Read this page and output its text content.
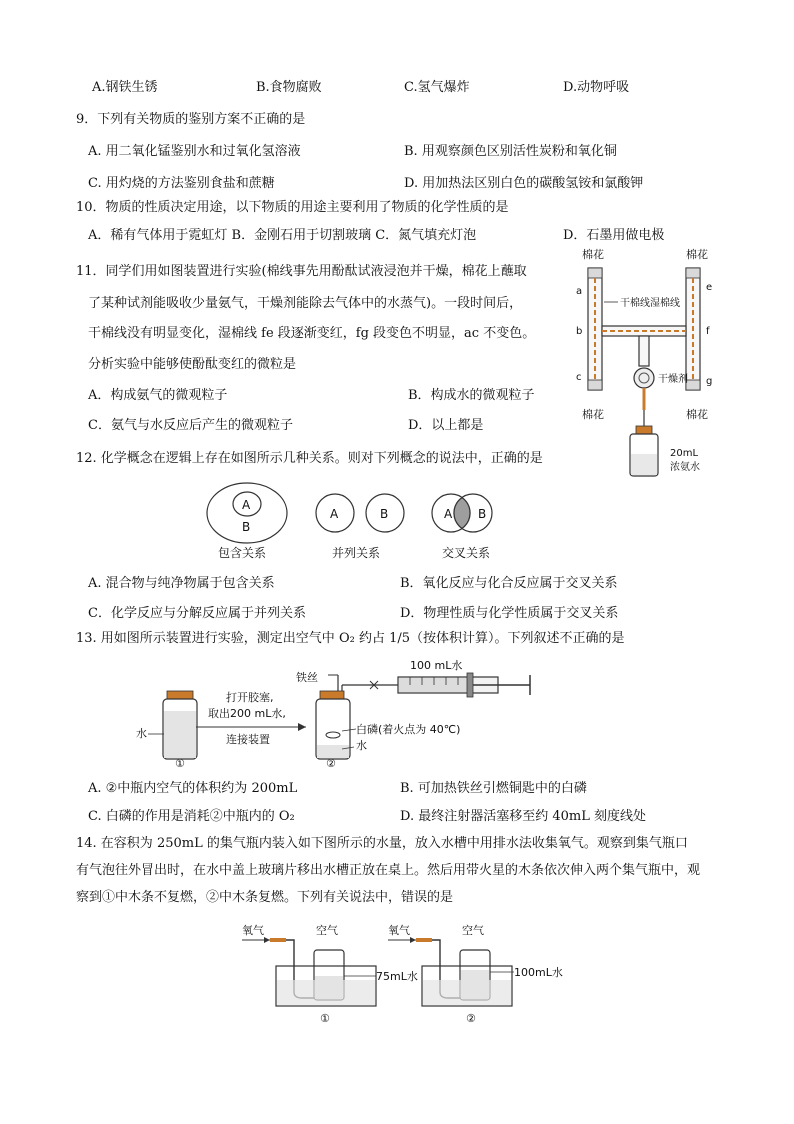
A.钢铁生锈	B.食物腐败	C.氢气爆炸	D.动物呼吸
9．下列有关物质的鉴别方案不正确的是
A. 用二氧化锰鉴别水和过氧化氢溶液	B. 用观察颜色区别活性炭粉和氧化铜
C. 用灼烧的方法鉴别食盐和蔗糖	D. 用加热法区别白色的碳酸氢铵和氯酸钾
10．物质的性质决定用途，以下物质的用途主要利用了物质的化学性质的是
A．稀有气体用于霓虹灯 B．金刚石用于切割玻璃 C．氮气填充灯泡	D．石墨用做电极
11．同学们用如图装置进行实验(棉线事先用酚酞试液浸泡并干燥，棉花上蘸取
了某种试剂能吸收少量氨气，干燥剂能除去气体中的水蒸气)。一段时间后，
干棉线没有明显变化，湿棉线 fe 段逐渐变红，fg 段变色不明显，ac 不变色。
分析实验中能够使酚酞变红的微粒是
A．构成氨气的微观粒子	B．构成水的微观粒子
C．氨气与水反应后产生的微观粒子	D．以上都是
棉花	棉花
a
b
c
e
f
g
干棉线 湿棉线
干燥剂
棉花	棉花
20mL
浓氨水
12. 化学概念在逻辑上存在如图所示几种关系。则对下列概念的说法中，正确的是
A
B
A	B	A B
包含关系	并列关系	交叉关系
A. 混合物与纯净物属于包含关系	B．氧化反应与化合反应属于交叉关系
C．化学反应与分解反应属于并列关系	D．物理性质与化学性质属于交叉关系
13. 用如图所示装置进行实验，测定出空气中 O₂ 约占 1/5（按体积计算）。下列叙述不正确的是
水
①
打开胶塞,
取出200 mL水,
连接装置
铁丝
白磷(着火点为 40℃)
水
②
100 mL水
A. ②中瓶内空气的体积约为 200mL	B. 可加热铁丝引燃铜匙中的白磷
C. 白磷的作用是消耗②中瓶内的 O₂	D. 最终注射器活塞移至约 40mL 刻度线处
14. 在容积为 250mL 的集气瓶内装入如下图所示的水量，放入水槽中用排水法收集氧气。观察到集气瓶口
有气泡往外冒出时，在水中盖上玻璃片移出水槽正放在桌上。然后用带火星的木条依次伸入两个集气瓶中，观
察到①中木条不复燃，②中木条复燃。下列有关说法中，错误的是
氧气	空气
75mL水
①
氧气	空气
100mL水
②
